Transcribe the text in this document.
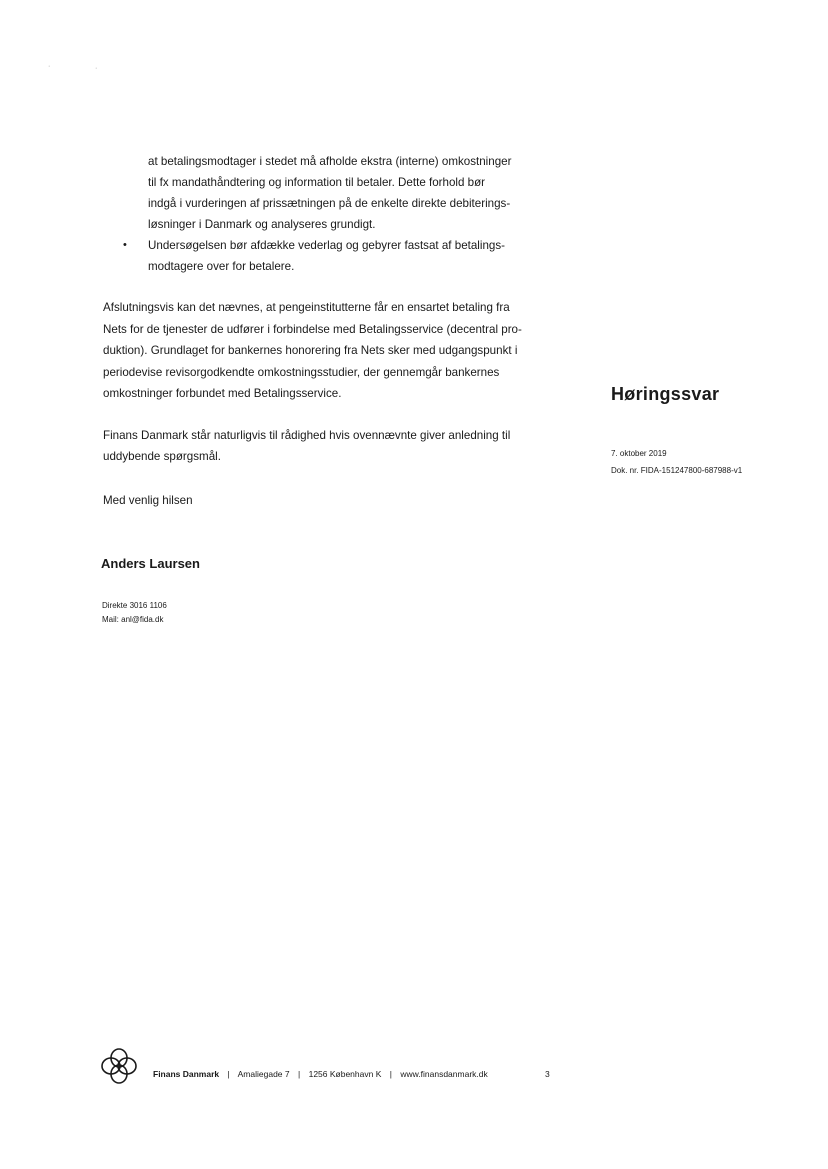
·	·
at betalingsmodtager i stedet må afholde ekstra (interne) omkostninger
til fx mandathåndtering og information til betaler. Dette forhold bør
indgå i vurderingen af prissætningen på de enkelte direkte debiterings-
løsninger i Danmark og analyseres grundigt.
• Undersøgelsen bør afdække vederlag og gebyrer fastsat af betalings-
modtagere over for betalere.
Afslutningsvis kan det nævnes, at pengeinstitutterne får en ensartet betaling fra
Nets for de tjenester de udfører i forbindelse med Betalingsservice (decentral pro-
duktion). Grundlaget for bankernes honorering fra Nets sker med udgangspunkt i
periodevise revisorgodkendte omkostningsstudier, der gennemgår bankernes
omkostninger forbundet med Betalingsservice.
Finans Danmark står naturligvis til rådighed hvis ovennævnte giver anledning til
uddybende spørgsmål.
Med venlig hilsen
Anders Laursen
Direkte 3016 1106
Mail: anl@fida.dk
Høringssvar
7. oktober 2019
Dok. nr. FIDA-151247800-687988-v1
Finans Danmark | Amaliegade 7 | 1256 København K | www.finansdanmark.dk	3
